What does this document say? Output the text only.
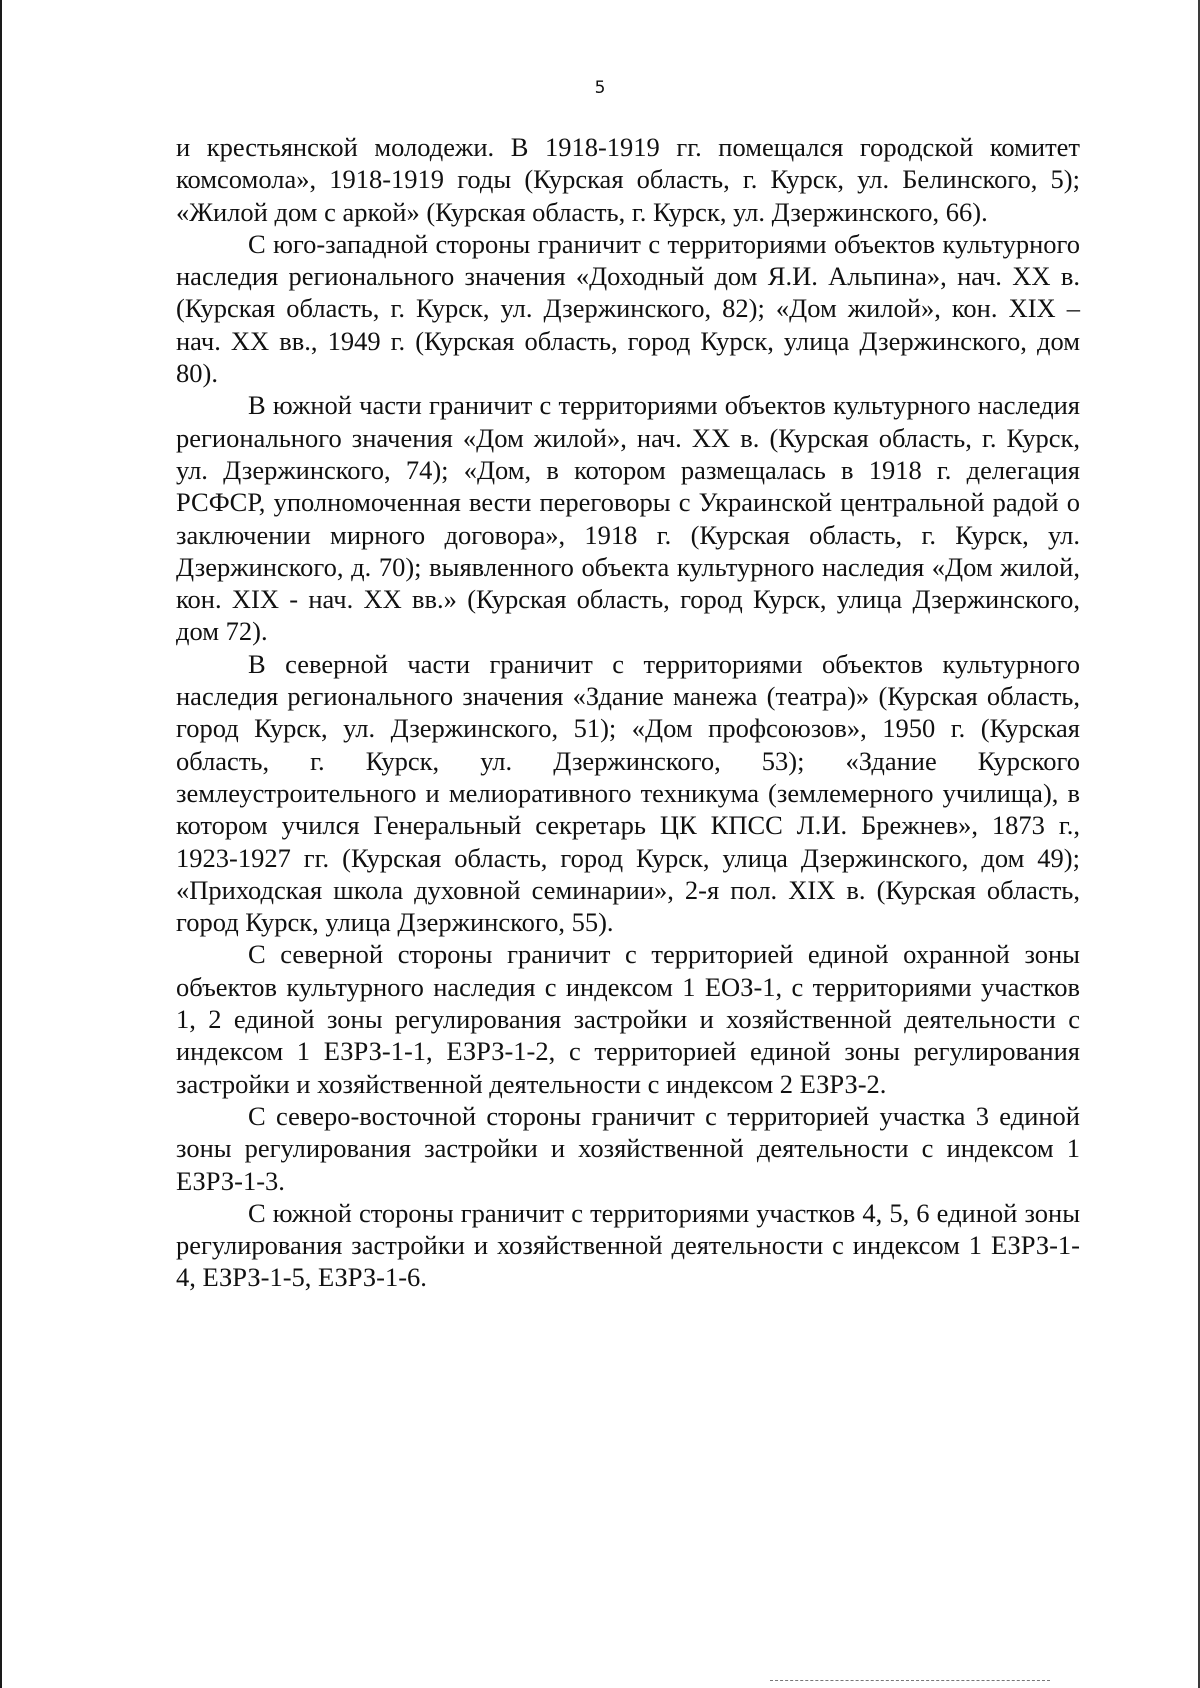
5

и крестьянской молодежи. В 1918-1919 гг. помещался городской комитет комсомола», 1918-1919 годы (Курская область, г. Курск, ул. Белинского, 5); «Жилой дом с аркой» (Курская область, г. Курск, ул. Дзержинского, 66).

С юго-западной стороны граничит с территориями объектов культурного наследия регионального значения «Доходный дом Я.И. Альпина», нач. XX в. (Курская область, г. Курск, ул. Дзержинского, 82); «Дом жилой», кон. XIX – нач. XX вв., 1949 г. (Курская область, город Курск, улица Дзержинского, дом 80).

В южной части граничит с территориями объектов культурного наследия регионального значения «Дом жилой», нач. XX в. (Курская область, г. Курск, ул. Дзержинского, 74); «Дом, в котором размещалась в 1918 г. делегация РСФСР, уполномоченная вести переговоры с Украинской центральной радой о заключении мирного договора», 1918 г. (Курская область, г. Курск, ул. Дзержинского, д. 70); выявленного объекта культурного наследия «Дом жилой, кон. XIX - нач. XX вв.» (Курская область, город Курск, улица Дзержинского, дом 72).

В северной части граничит с территориями объектов культурного наследия регионального значения «Здание манежа (театра)» (Курская область, город Курск, ул. Дзержинского, 51); «Дом профсоюзов», 1950 г. (Курская область, г. Курск, ул. Дзержинского, 53); «Здание Курского землеустроительного и мелиоративного техникума (землемерного училища), в котором учился Генеральный секретарь ЦК КПСС Л.И. Брежнев», 1873 г., 1923-1927 гг. (Курская область, город Курск, улица Дзержинского, дом 49); «Приходская школа духовной семинарии», 2-я пол. XIX в. (Курская область, город Курск, улица Дзержинского, 55).

С северной стороны граничит с территорией единой охранной зоны объектов культурного наследия с индексом 1 ЕОЗ-1, с территориями участков 1, 2 единой зоны регулирования застройки и хозяйственной деятельности с индексом 1 ЕЗРЗ-1-1, ЕЗРЗ-1-2, с территорией единой зоны регулирования застройки и хозяйственной деятельности с индексом 2 ЕЗРЗ-2.

С северо-восточной стороны граничит с территорией участка 3 единой зоны регулирования застройки и хозяйственной деятельности с индексом 1 ЕЗРЗ-1-3.

С южной стороны граничит с территориями участков 4, 5, 6 единой зоны регулирования застройки и хозяйственной деятельности с индексом 1 ЕЗРЗ-1-4, ЕЗРЗ-1-5, ЕЗРЗ-1-6.
